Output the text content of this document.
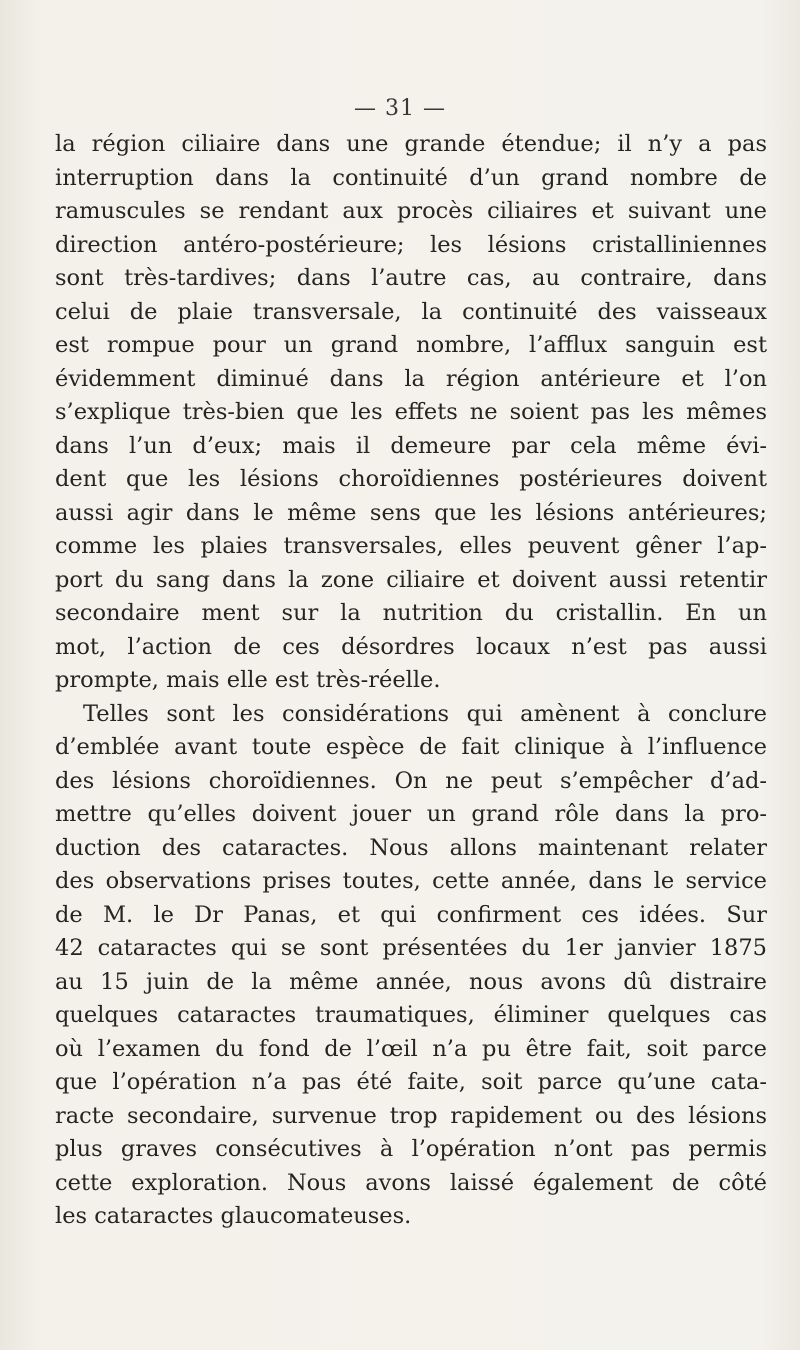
— 31 —
la région ciliaire dans une grande étendue; il n’y a pas
interruption dans la continuité d’un grand nombre de
ramuscules se rendant aux procès ciliaires et suivant une
direction antéro-postérieure; les lésions cristalliniennes
sont très-tardives; dans l’autre cas, au contraire, dans
celui de plaie transversale, la continuité des vaisseaux
est rompue pour un grand nombre, l’afflux sanguin est
évidemment diminué dans la région antérieure et l’on
s’explique très-bien que les effets ne soient pas les mêmes
dans l’un d’eux; mais il demeure par cela même évi-
dent que les lésions choroïdiennes postérieures doivent
aussi agir dans le même sens que les lésions antérieures;
comme les plaies transversales, elles peuvent gêner l’ap-
port du sang dans la zone ciliaire et doivent aussi retentir
secondaire ment sur la nutrition du cristallin. En un
mot, l’action de ces désordres locaux n’est pas aussi
prompte, mais elle est très-réelle.
Telles sont les considérations qui amènent à conclure
d’emblée avant toute espèce de fait clinique à l’influence
des lésions choroïdiennes. On ne peut s’empêcher d’ad-
mettre qu’elles doivent jouer un grand rôle dans la pro-
duction des cataractes. Nous allons maintenant relater
des observations prises toutes, cette année, dans le service
de M. le Dr Panas, et qui confirment ces idées. Sur
42 cataractes qui se sont présentées du 1er janvier 1875
au 15 juin de la même année, nous avons dû distraire
quelques cataractes traumatiques, éliminer quelques cas
où l’examen du fond de l’œil n’a pu être fait, soit parce
que l’opération n’a pas été faite, soit parce qu’une cata-
racte secondaire, survenue trop rapidement ou des lésions
plus graves consécutives à l’opération n’ont pas permis
cette exploration. Nous avons laissé également de côté
les cataractes glaucomateuses.
